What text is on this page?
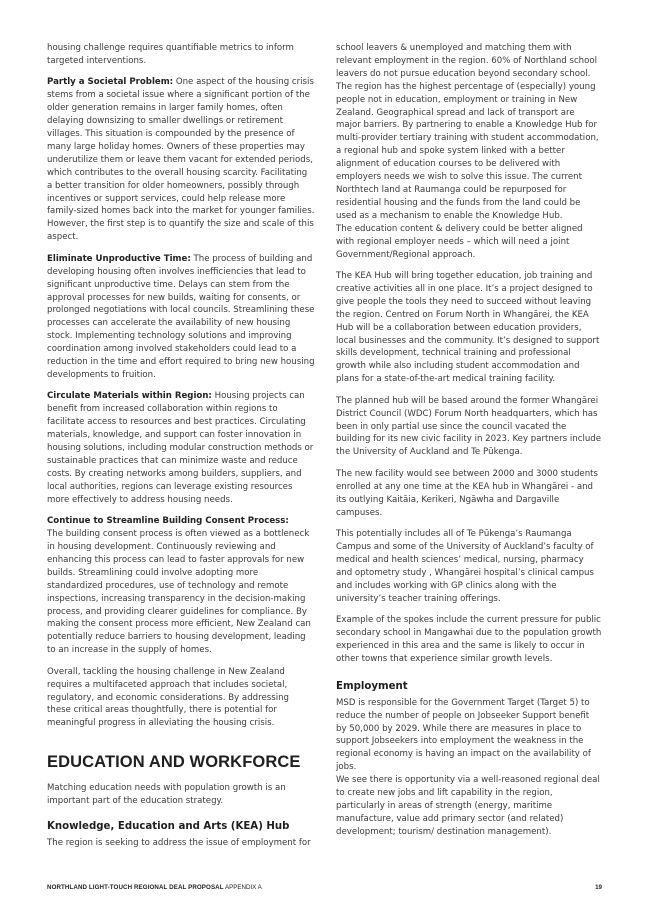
housing challenge requires quantifiable metrics to inform targeted interventions.

Partly a Societal Problem: One aspect of the housing crisis stems from a societal issue where a significant portion of the older generation remains in larger family homes, often delaying downsizing to smaller dwellings or retirement villages. This situation is compounded by the presence of many large holiday homes. Owners of these properties may underutilize them or leave them vacant for extended periods, which contributes to the overall housing scarcity. Facilitating a better transition for older homeowners, possibly through incentives or support services, could help release more family-sized homes back into the market for younger families. However, the first step is to quantify the size and scale of this aspect.

Eliminate Unproductive Time: The process of building and developing housing often involves inefficiencies that lead to significant unproductive time. Delays can stem from the approval processes for new builds, waiting for consents, or prolonged negotiations with local councils. Streamlining these processes can accelerate the availability of new housing stock. Implementing technology solutions and improving coordination among involved stakeholders could lead to a reduction in the time and effort required to bring new housing developments to fruition.

Circulate Materials within Region: Housing projects can benefit from increased collaboration within regions to facilitate access to resources and best practices. Circulating materials, knowledge, and support can foster innovation in housing solutions, including modular construction methods or sustainable practices that can minimize waste and reduce costs. By creating networks among builders, suppliers, and local authorities, regions can leverage existing resources more effectively to address housing needs.

Continue to Streamline Building Consent Process:
The building consent process is often viewed as a bottleneck in housing development. Continuously reviewing and enhancing this process can lead to faster approvals for new builds. Streamlining could involve adopting more standardized procedures, use of technology and remote inspections, increasing transparency in the decision-making process, and providing clearer guidelines for compliance. By making the consent process more efficient, New Zealand can potentially reduce barriers to housing development, leading to an increase in the supply of homes.

Overall, tackling the housing challenge in New Zealand requires a multifaceted approach that includes societal, regulatory, and economic considerations. By addressing these critical areas thoughtfully, there is potential for meaningful progress in alleviating the housing crisis.

EDUCATION AND WORKFORCE

Matching education needs with population growth is an important part of the education strategy.

Knowledge, Education and Arts (KEA) Hub

The region is seeking to address the issue of employment for

school leavers & unemployed and matching them with relevant employment in the region. 60% of Northland school leavers do not pursue education beyond secondary school. The region has the highest percentage of (especially) young people not in education, employment or training in New Zealand. Geographical spread and lack of transport are major barriers. By partnering to enable a Knowledge Hub for multi-provider tertiary training with student accommodation, a regional hub and spoke system linked with a better alignment of education courses to be delivered with employers needs we wish to solve this issue. The current Northtech land at Raumanga could be repurposed for residential housing and the funds from the land could be used as a mechanism to enable the Knowledge Hub.

The education content & delivery could be better aligned with regional employer needs – which will need a joint Government/Regional approach.

The KEA Hub will bring together education, job training and creative activities all in one place. It’s a project designed to give people the tools they need to succeed without leaving the region. Centred on Forum North in Whangārei, the KEA Hub will be a collaboration between education providers, local businesses and the community. It’s designed to support skills development, technical training and professional growth while also including student accommodation and plans for a state-of-the-art medical training facility.

The planned hub will be based around the former Whangārei District Council (WDC) Forum North headquarters, which has been in only partial use since the council vacated the building for its new civic facility in 2023. Key partners include the University of Auckland and Te Pūkenga.

The new facility would see between 2000 and 3000 students enrolled at any one time at the KEA hub in Whangārei - and its outlying Kaitāia, Kerikeri, Ngāwha and Dargaville campuses.

This potentially includes all of Te Pūkenga’s Raumanga Campus and some of the University of Auckland’s faculty of medical and health sciences’ medical, nursing, pharmacy and optometry study , Whangārei hospital’s clinical campus and includes working with GP clinics along with the university’s teacher training offerings.

Example of the spokes include the current pressure for public secondary school in Mangawhai due to the population growth experienced in this area and the same is likely to occur in other towns that experience similar growth levels.

Employment

MSD is responsible for the Government Target (Target 5) to reduce the number of people on Jobseeker Support benefit by 50,000 by 2029. While there are measures in place to support Jobseekers into employment the weakness in the regional economy is having an impact on the availability of jobs.

We see there is opportunity via a well-reasoned regional deal to create new jobs and lift capability in the region, particularly in areas of strength (energy, maritime manufacture, value add primary sector (and related) development; tourism/ destination management).

NORTHLAND LIGHT-TOUCH REGIONAL DEAL PROPOSAL APPENDIX A	19
